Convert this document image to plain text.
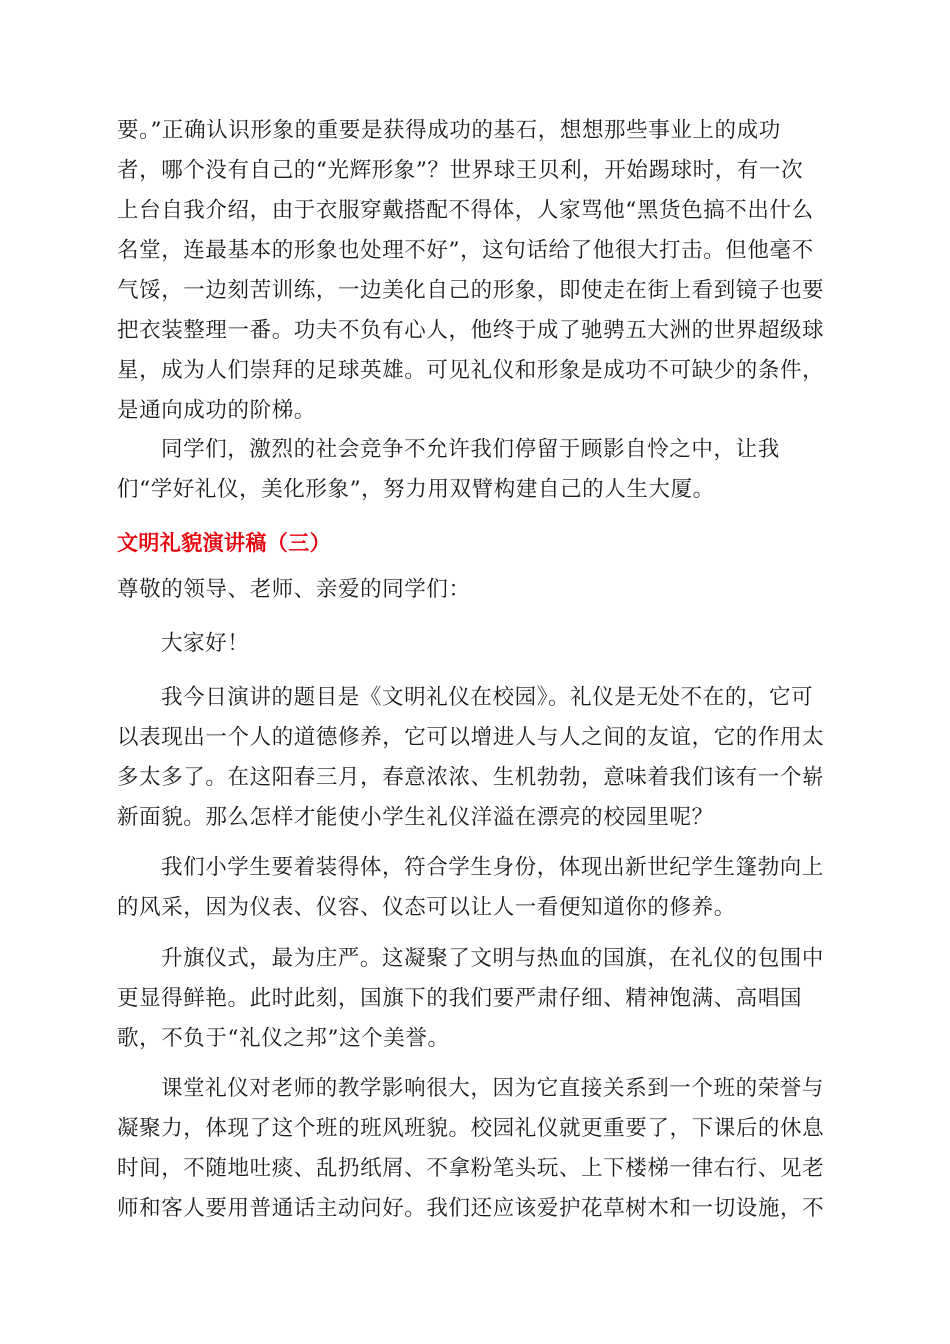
要。”正确认识形象的重要是获得成功的基石，想想那些事业上的成功
者，哪个没有自己的“光辉形象”？世界球王贝利，开始踢球时，有一次
上台自我介绍，由于衣服穿戴搭配不得体，人家骂他“黑货色搞不出什么
名堂，连最基本的形象也处理不好”，这句话给了他很大打击。但他毫不
气馁，一边刻苦训练，一边美化自己的形象，即使走在街上看到镜子也要
把衣装整理一番。功夫不负有心人，他终于成了驰骋五大洲的世界超级球
星，成为人们崇拜的足球英雄。可见礼仪和形象是成功不可缺少的条件，
是通向成功的阶梯。
同学们，激烈的社会竞争不允许我们停留于顾影自怜之中，让我
们“学好礼仪，美化形象”，努力用双臂构建自己的人生大厦。
文明礼貌演讲稿（三）
尊敬的领导、老师、亲爱的同学们：
大家好！
我今日演讲的题目是《文明礼仪在校园》。礼仪是无处不在的，它可
以表现出一个人的道德修养，它可以增进人与人之间的友谊，它的作用太
多太多了。在这阳春三月，春意浓浓、生机勃勃，意味着我们该有一个崭
新面貌。那么怎样才能使小学生礼仪洋溢在漂亮的校园里呢？
我们小学生要着装得体，符合学生身份，体现出新世纪学生篷勃向上
的风采，因为仪表、仪容、仪态可以让人一看便知道你的修养。
升旗仪式，最为庄严。这凝聚了文明与热血的国旗，在礼仪的包围中
更显得鲜艳。此时此刻，国旗下的我们要严肃仔细、精神饱满、高唱国
歌，不负于“礼仪之邦”这个美誉。
课堂礼仪对老师的教学影响很大，因为它直接关系到一个班的荣誉与
凝聚力，体现了这个班的班风班貌。校园礼仪就更重要了，下课后的休息
时间，不随地吐痰、乱扔纸屑、不拿粉笔头玩、上下楼梯一律右行、见老
师和客人要用普通话主动问好。我们还应该爱护花草树木和一切设施，不
